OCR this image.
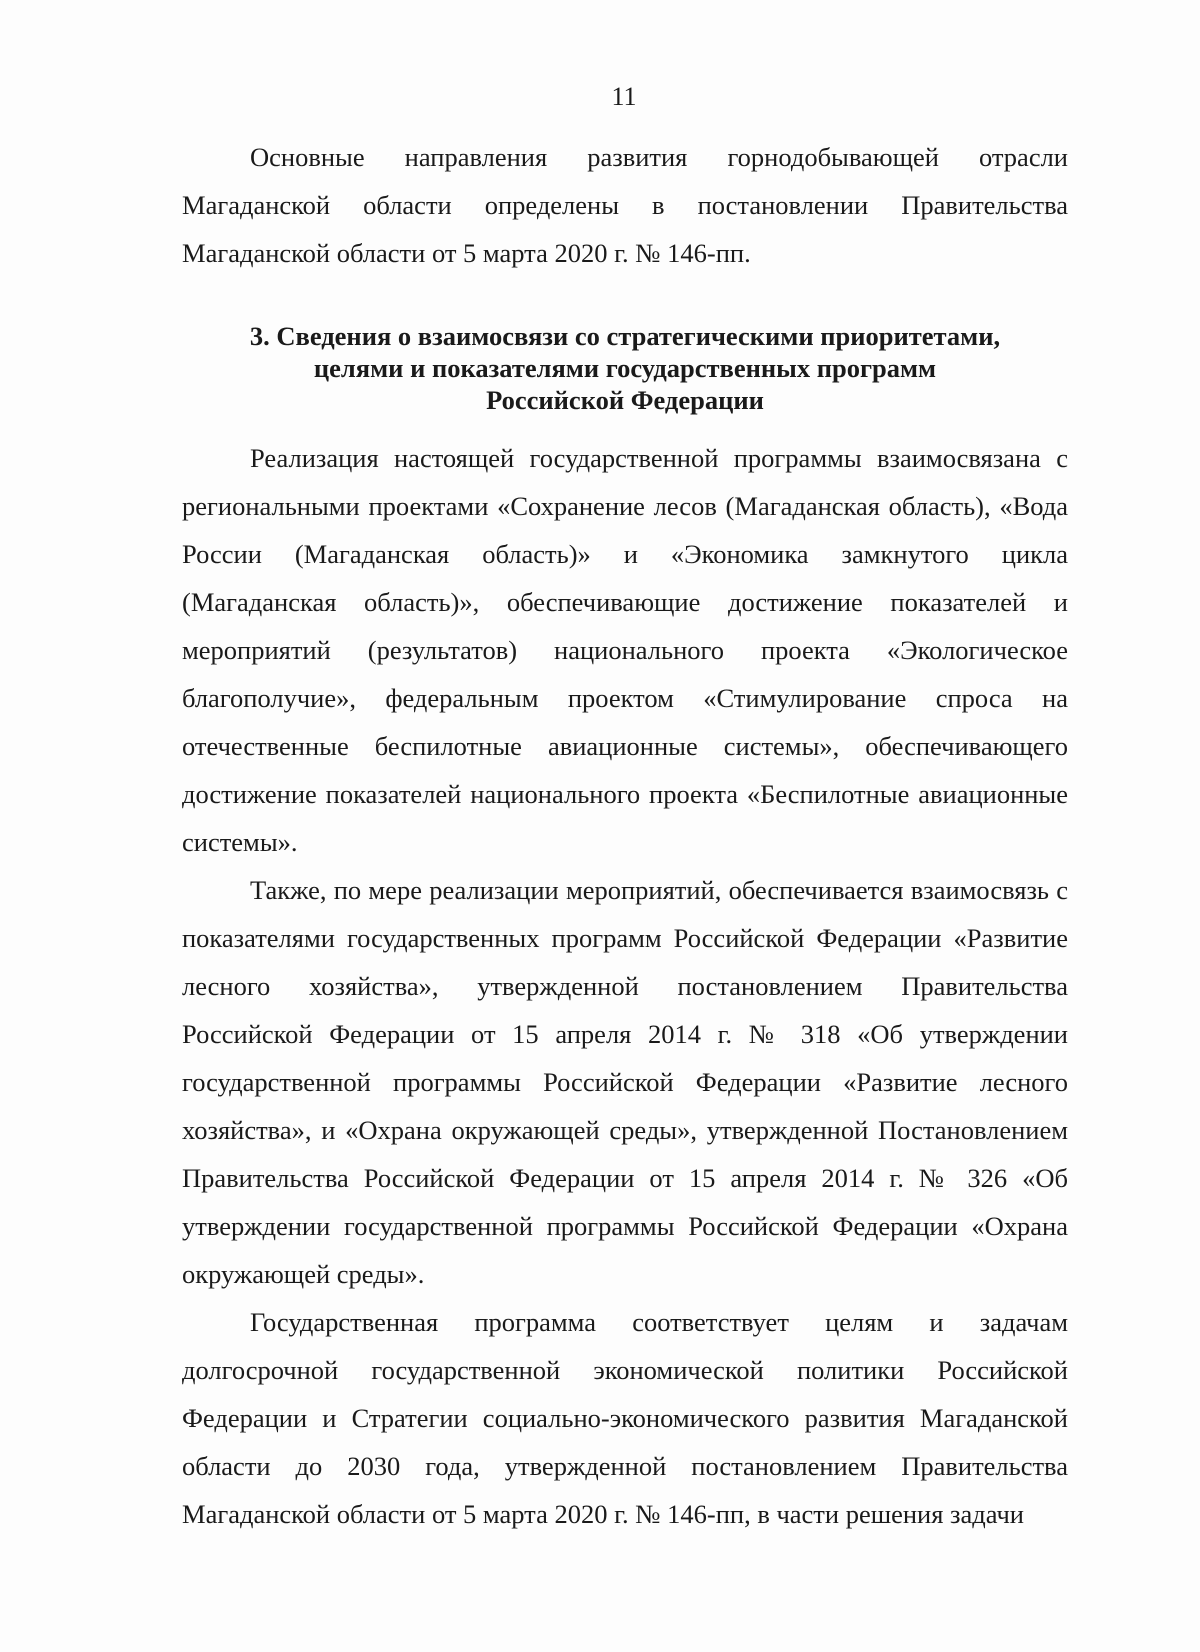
11

Основные направления развития горнодобывающей отрасли Магаданской области определены в постановлении Правительства Магаданской области от 5 марта 2020 г. № 146-пп.

3. Сведения о взаимосвязи со стратегическими приоритетами,
целями и показателями государственных программ
Российской Федерации

Реализация настоящей государственной программы взаимосвязана с региональными проектами «Сохранение лесов (Магаданская область), «Вода России (Магаданская область)» и «Экономика замкнутого цикла (Магаданская область)», обеспечивающие достижение показателей и мероприятий (результатов) национального проекта «Экологическое благополучие», федеральным проектом «Стимулирование спроса на отечественные беспилотные авиационные системы», обеспечивающего достижение показателей национального проекта «Беспилотные авиационные системы».

Также, по мере реализации мероприятий, обеспечивается взаимосвязь с показателями государственных программ Российской Федерации «Развитие лесного хозяйства», утвержденной постановлением Правительства Российской Федерации от 15 апреля 2014 г. № 318 «Об утверждении государственной программы Российской Федерации «Развитие лесного хозяйства», и «Охрана окружающей среды», утвержденной Постановлением Правительства Российской Федерации от 15 апреля 2014 г. № 326 «Об утверждении государственной программы Российской Федерации «Охрана окружающей среды».

Государственная программа соответствует целям и задачам долгосрочной государственной экономической политики Российской Федерации и Стратегии социально-экономического развития Магаданской области до 2030 года, утвержденной постановлением Правительства Магаданской области от 5 марта 2020 г. № 146-пп, в части решения задачи
